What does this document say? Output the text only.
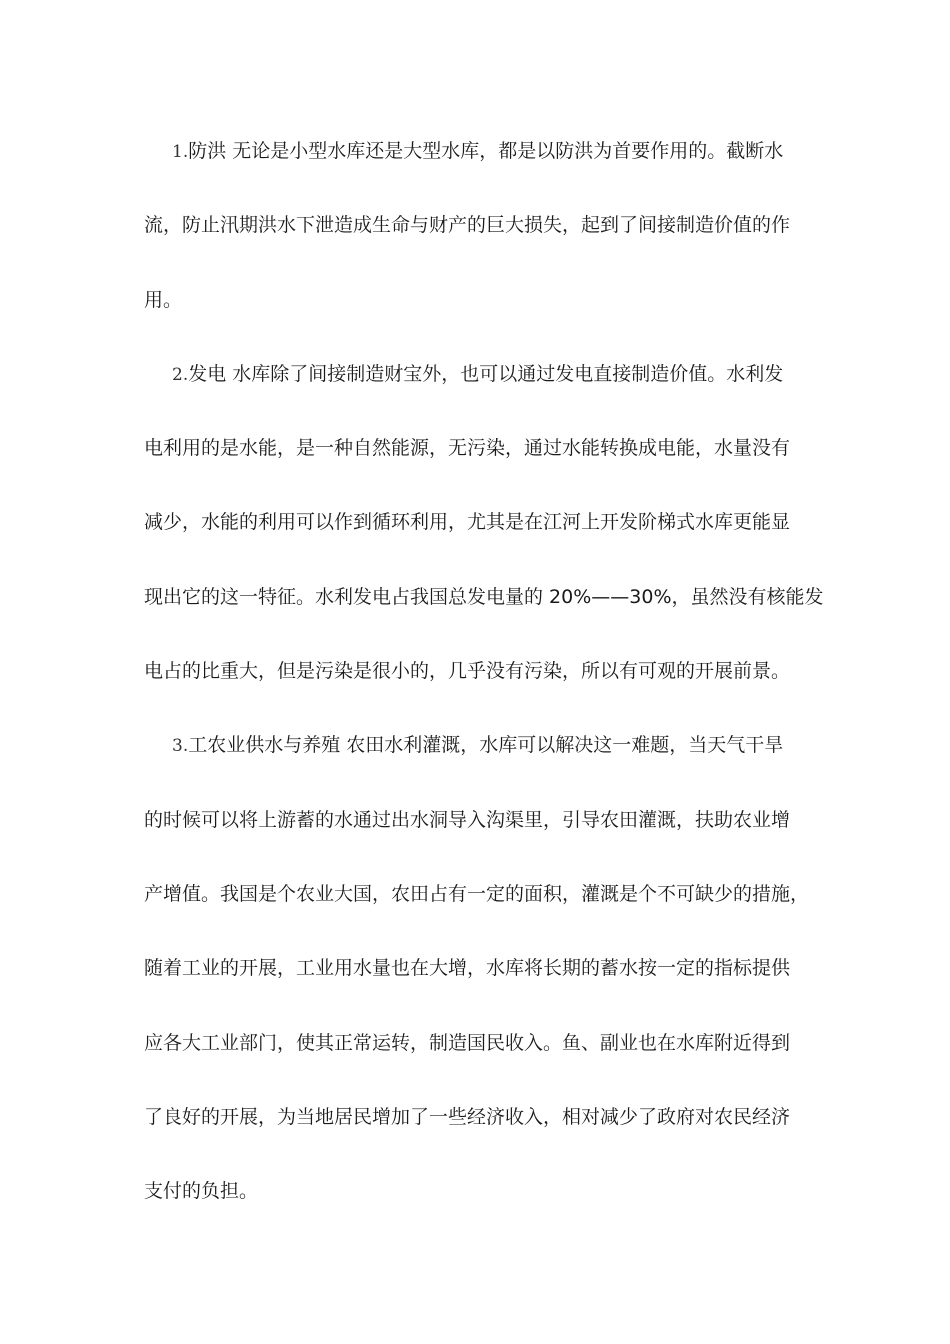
1.防洪 无论是小型水库还是大型水库，都是以防洪为首要作用的。截断水
流，防止汛期洪水下泄造成生命与财产的巨大损失，起到了间接制造价值的作
用。
2.发电 水库除了间接制造财宝外，也可以通过发电直接制造价值。水利发
电利用的是水能，是一种自然能源，无污染，通过水能转换成电能，水量没有
减少，水能的利用可以作到循环利用，尤其是在江河上开发阶梯式水库更能显
现出它的这一特征。水利发电占我国总发电量的 20%——30%，虽然没有核能发
电占的比重大，但是污染是很小的，几乎没有污染，所以有可观的开展前景。
3.工农业供水与养殖 农田水利灌溉，水库可以解决这一难题，当天气干旱
的时候可以将上游蓄的水通过出水洞导入沟渠里，引导农田灌溉，扶助农业增
产增值。我国是个农业大国，农田占有一定的面积，灌溉是个不可缺少的措施，
随着工业的开展，工业用水量也在大增，水库将长期的蓄水按一定的指标提供
应各大工业部门，使其正常运转，制造国民收入。鱼、副业也在水库附近得到
了良好的开展，为当地居民增加了一些经济收入，相对减少了政府对农民经济
支付的负担。
